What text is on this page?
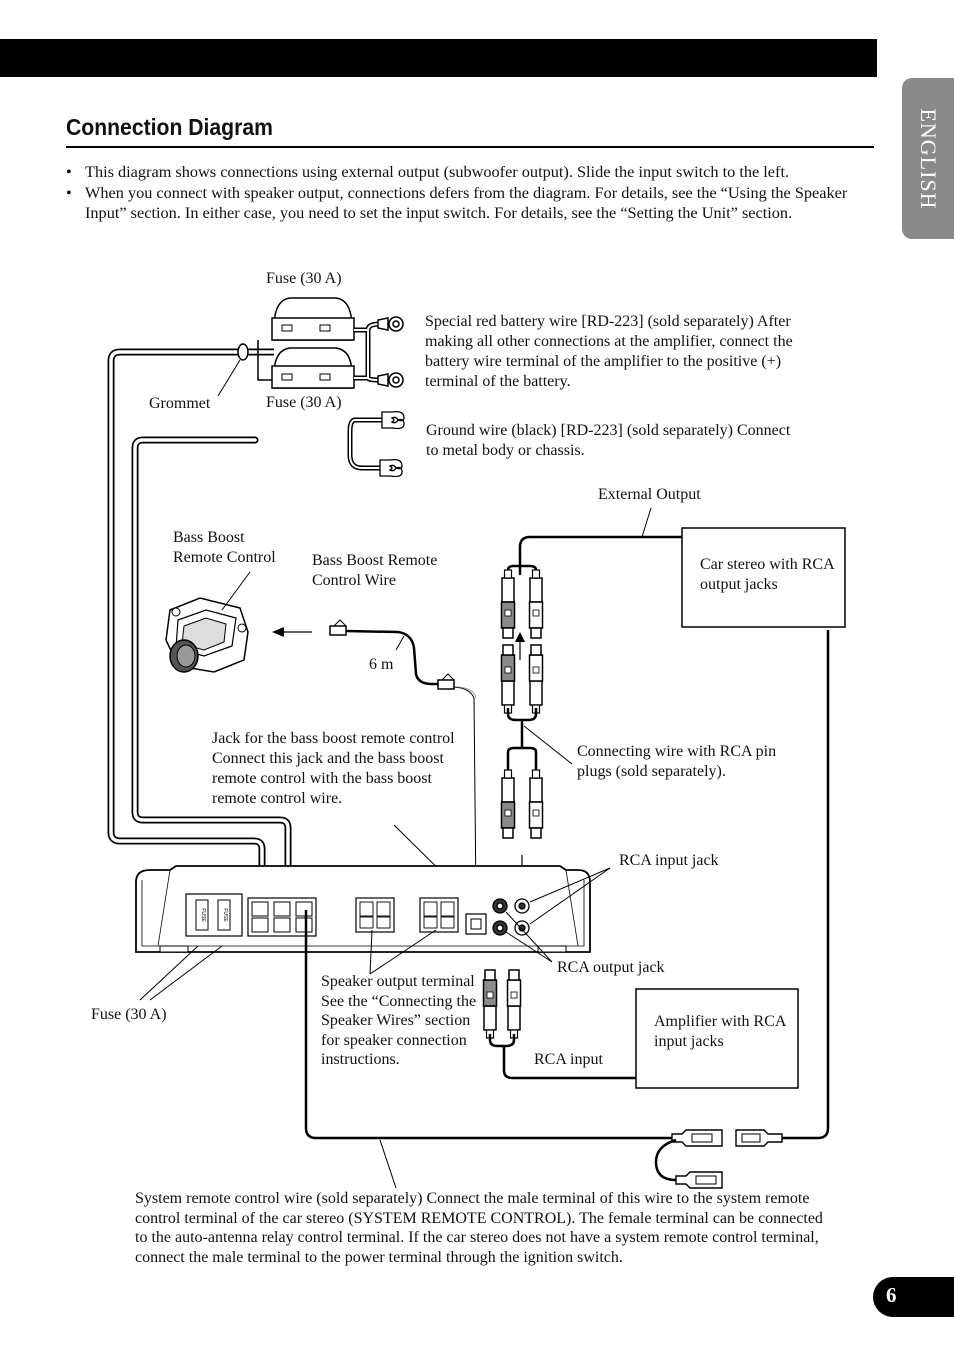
ENGLISH
Connection Diagram
• This diagram shows connections using external output (subwoofer output). Slide the input switch to the left.
• When you connect with speaker output, connections defers from the diagram. For details, see the “Using the Speaker Input” section. In either case, you need to set the input switch. For details, see the “Setting the Unit” section.
FUSE	FUSE
Fuse (30 A)
Fuse (30 A)
Grommet
Special red battery wire [RD-223] (sold separately) After making all other connections at the amplifier, connect the battery wire terminal of the amplifier to the positive (+) terminal of the battery.
Ground wire (black) [RD-223] (sold separately) Connect to metal body or chassis.
External Output
Car stereo with RCA output jacks
Bass Boost Remote Control	Bass Boost Remote Control Wire
6 m
Jack for the bass boost remote control Connect this jack and the bass boost remote control with the bass boost remote control wire.
Connecting wire with RCA pin plugs (sold separately).
RCA input jack
RCA output jack
Fuse (30 A)
Speaker output terminal See the “Connecting the Speaker Wires” section for speaker connection instructions.
Amplifier with RCA input jacks
RCA input
System remote control wire (sold separately) Connect the male terminal of this wire to the system remote control terminal of the car stereo (SYSTEM REMOTE CONTROL). The female terminal can be connected to the auto-antenna relay control terminal. If the car stereo does not have a system remote control terminal, connect the male terminal to the power terminal through the ignition switch.
6
